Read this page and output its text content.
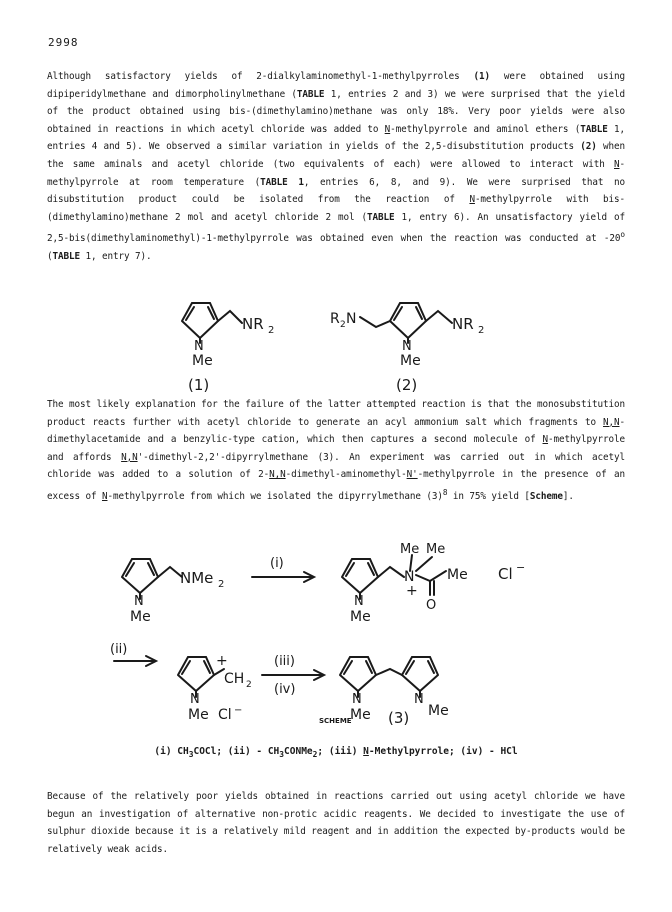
2998
Although satisfactory yields of 2-dialkylaminomethyl-1-methylpyrroles (1) were obtained using dipiperidylmethane and dimorpholinylmethane (TABLE 1, entries 2 and 3) we were surprised that the yield of the product obtained using bis-(dimethylamino)methane was only 18%. Very poor yields were also obtained in reactions in which acetyl chloride was added to N-methylpyrrole and aminol ethers (TABLE 1, entries 4 and 5). We observed a similar variation in yields of the 2,5-disubstitution products (2) when the same aminals and acetyl chloride (two equivalents of each) were allowed to interact with N-methylpyrrole at room temperature (TABLE 1, entries 6, 8, and 9). We were surprised that no disubstitution product could be isolated from the reaction of N-methylpyrrole with bis-(dimethylamino)methane 2 mol and acetyl chloride 2 mol (TABLE 1, entry 6). An unsatisfactory yield of 2,5-bis(dimethylaminomethyl)-1-methylpyrrole was obtained even when the reaction was conducted at -20$^o$ (TABLE 1, entry 7).
N
NR 2
Me
(1)
R 2 N
N
NR 2
Me
(2)
The most likely explanation for the failure of the latter attempted reaction is that the monosubstitution product reacts further with acetyl chloride to generate an acyl ammonium salt which fragments to N,N-dimethylacetamide and a benzylic-type cation, which then captures a second molecule of N-methylpyrrole and affords N,N'-dimethyl-2,2'-dipyrrylmethane (3). An experiment was carried out in which acetyl chloride was added to a solution of 2-N,N-dimethyl-aminomethyl-N'-methylpyrrole in the presence of an excess of N-methylpyrrole from which we isolated the dipyrrylmethane $(3)^8$ in 75% yield [Scheme].
N
NMe 2
Me
(i)
N
Me
N
Me Me
+
Me
O
Cl −
(ii)
N
Me
+
CH 2
Cl −
(iii)
(iv)
N	N
Me	Me
(3)
SCHEME
(i) $CH_3COCl$; $(ii) - CH_3CONMe_2$; (iii) N-Methylpyrrole; (iv) - HCl
Because of the relatively poor yields obtained in reactions carried out using acetyl chloride we have begun an investigation of alternative non-protic acidic reagents. We decided to investigate the use of sulphur dioxide because it is a relatively mild reagent and in addition the expected by-products would be relatively weak acids.
